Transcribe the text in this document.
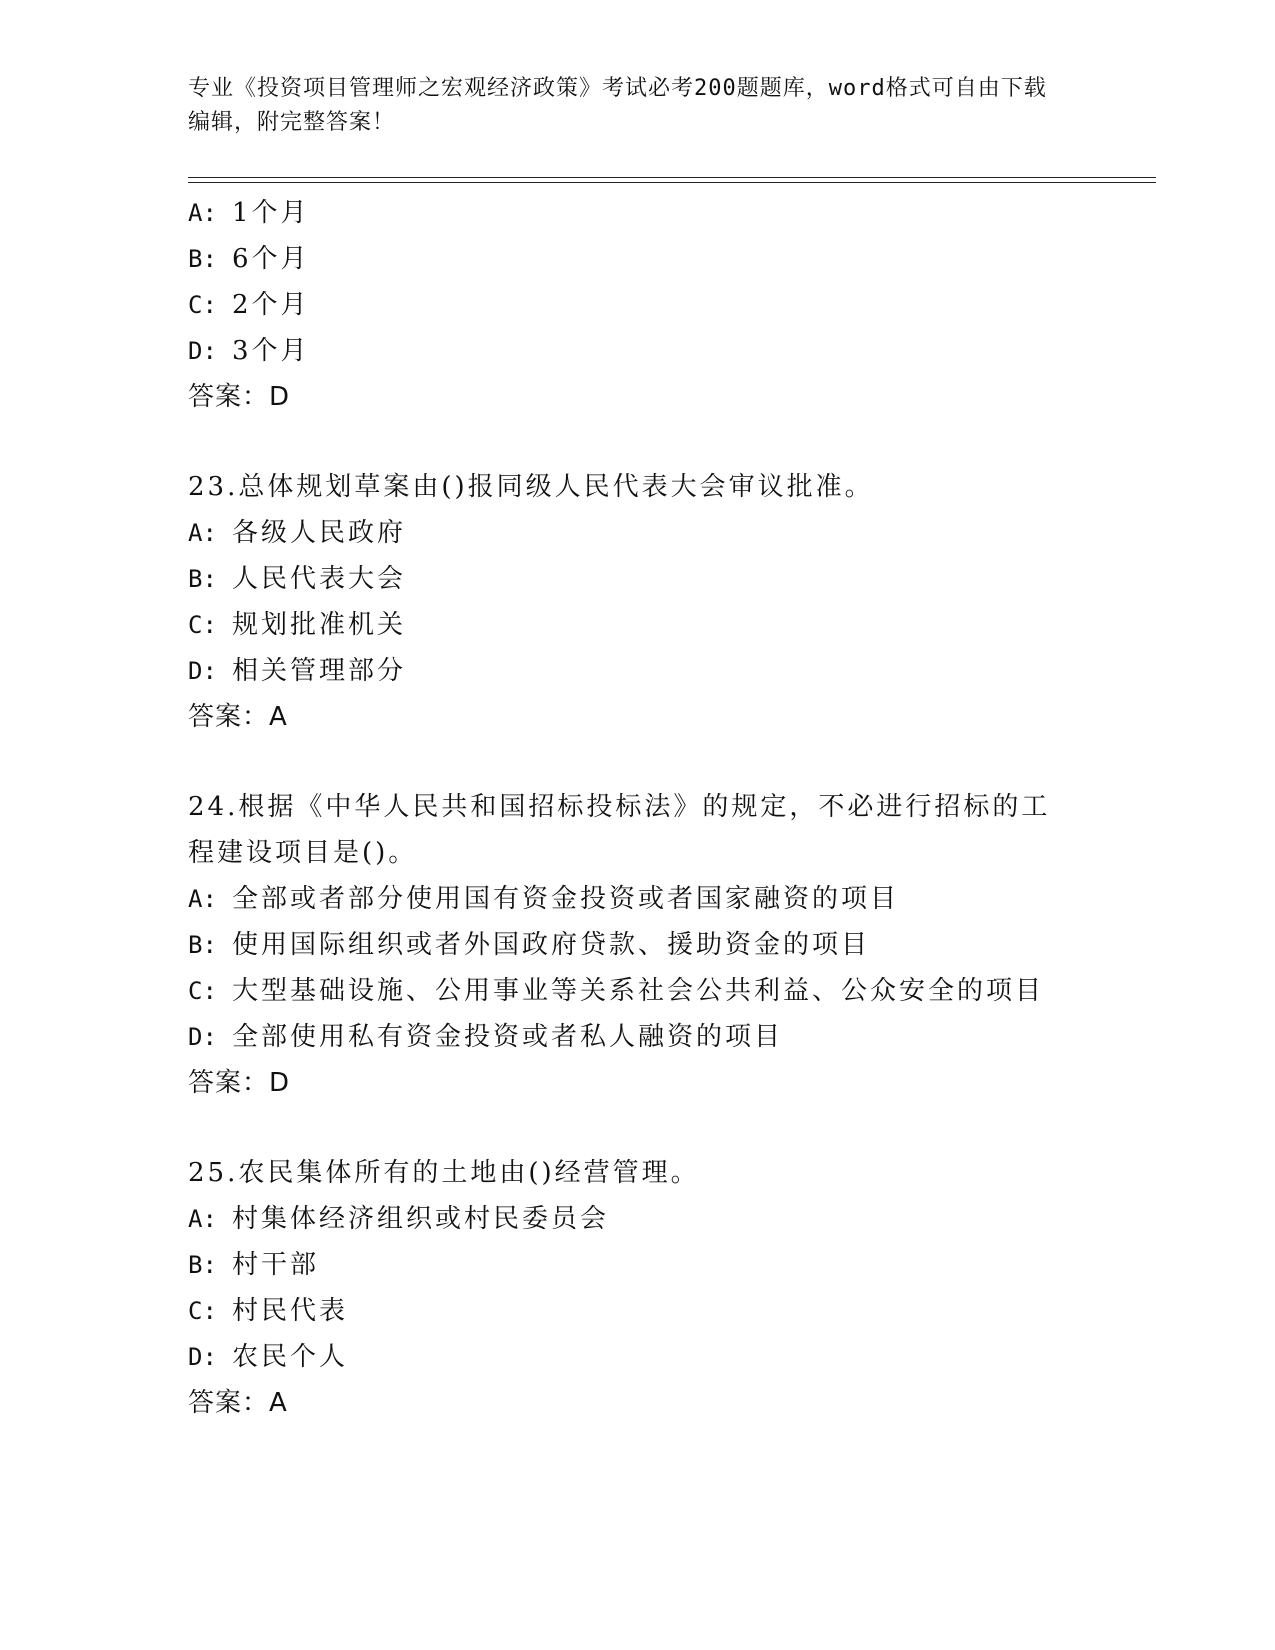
专业《投资项目管理师之宏观经济政策》考试必考200题题库，word格式可自由下载编辑，附完整答案！
A: 1个月
B: 6个月
C: 2个月
D: 3个月
答案：D
23.总体规划草案由()报同级人民代表大会审议批准。
A: 各级人民政府
B: 人民代表大会
C: 规划批准机关
D: 相关管理部分
答案：A
24.根据《中华人民共和国招标投标法》的规定，不必进行招标的工程建设项目是()。
A: 全部或者部分使用国有资金投资或者国家融资的项目
B: 使用国际组织或者外国政府贷款、援助资金的项目
C: 大型基础设施、公用事业等关系社会公共利益、公众安全的项目
D: 全部使用私有资金投资或者私人融资的项目
答案：D
25.农民集体所有的土地由()经营管理。
A: 村集体经济组织或村民委员会
B: 村干部
C: 村民代表
D: 农民个人
答案：A
